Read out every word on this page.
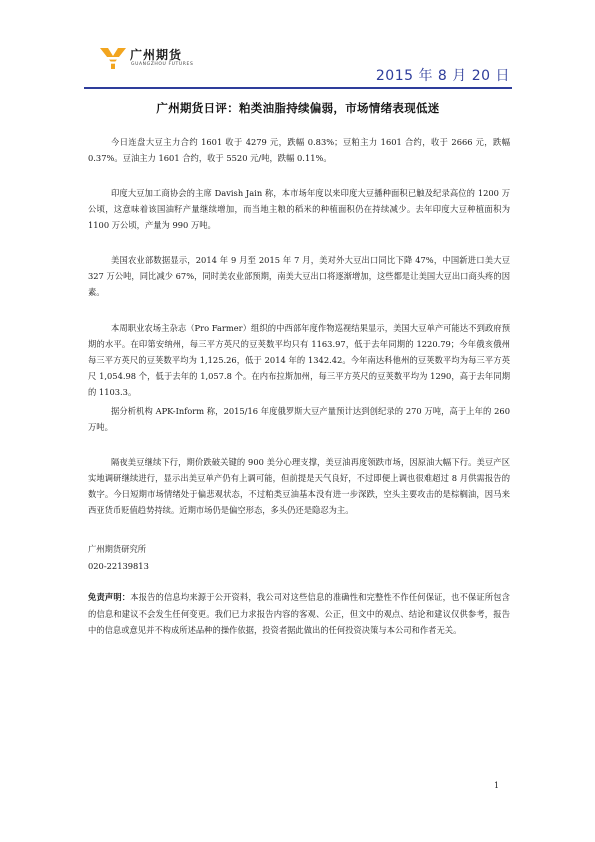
广州期货
GUANGZHOU FUTURES
2015 年 8 月 20 日
广州期货日评：粕类油脂持续偏弱，市场情绪表现低迷

今日连盘大豆主力合约 1601 收于 4279 元，跌幅 0.83%；豆粕主力 1601 合约，收于 2666 元，跌幅 0.37%。豆油主力 1601 合约，收于 5520 元/吨，跌幅 0.11%。

印度大豆加工商协会的主席 Davish Jain 称，本市场年度以来印度大豆播种面积已触及纪录高位的 1200 万公顷，这意味着该国油籽产量继续增加，而当地主粮的稻米的种植面积仍在持续减少。去年印度大豆种植面积为 1100 万公顷，产量为 990 万吨。

美国农业部数据显示，2014 年 9 月至 2015 年 7 月，美对外大豆出口同比下降 47%，中国新进口美大豆 327 万公吨，同比减少 67%，同时美农业部预期，南美大豆出口将逐渐增加，这些都是让美国大豆出口商头疼的因素。

本周职业农场主杂志（Pro Farmer）组织的中西部年度作物巡视结果显示，美国大豆单产可能达不到政府预期的水平。在印第安纳州，每三平方英尺的豆荚数平均只有 1163.97，低于去年同期的 1220.79；今年俄亥俄州每三平方英尺的豆荚数平均为 1,125.26，低于 2014 年的 1342.42。今年南达科他州的豆荚数平均为每三平方英尺 1,054.98 个，低于去年的 1,057.8 个。在内布拉斯加州，每三平方英尺的豆荚数平均为 1290，高于去年同期的 1103.3。

据分析机构 APK-Inform 称，2015/16 年度俄罗斯大豆产量预计达到创纪录的 270 万吨，高于上年的 260 万吨。

隔夜美豆继续下行，期价跌破关键的 900 美分心理支撑，美豆油再度领跌市场，因原油大幅下行。美豆产区实地调研继续进行，显示出美豆单产仍有上调可能，但前提是天气良好，不过即便上调也很难超过 8 月供需报告的数字。今日短期市场情绪处于偏悲观状态，不过粕类豆油基本没有进一步深跌，空头主要攻击的是棕榈油，因马来西亚货币贬值趋势持续。近期市场仍是偏空形态，多头仍还是隐忍为主。

广州期货研究所

020-22139813

免责声明：本报告的信息均来源于公开资料，我公司对这些信息的准确性和完整性不作任何保证，也不保证所包含的信息和建议不会发生任何变更。我们已力求报告内容的客观、公正，但文中的观点、结论和建议仅供参考，报告中的信息或意见并不构成所述品种的操作依据，投资者据此做出的任何投资决策与本公司和作者无关。

1
